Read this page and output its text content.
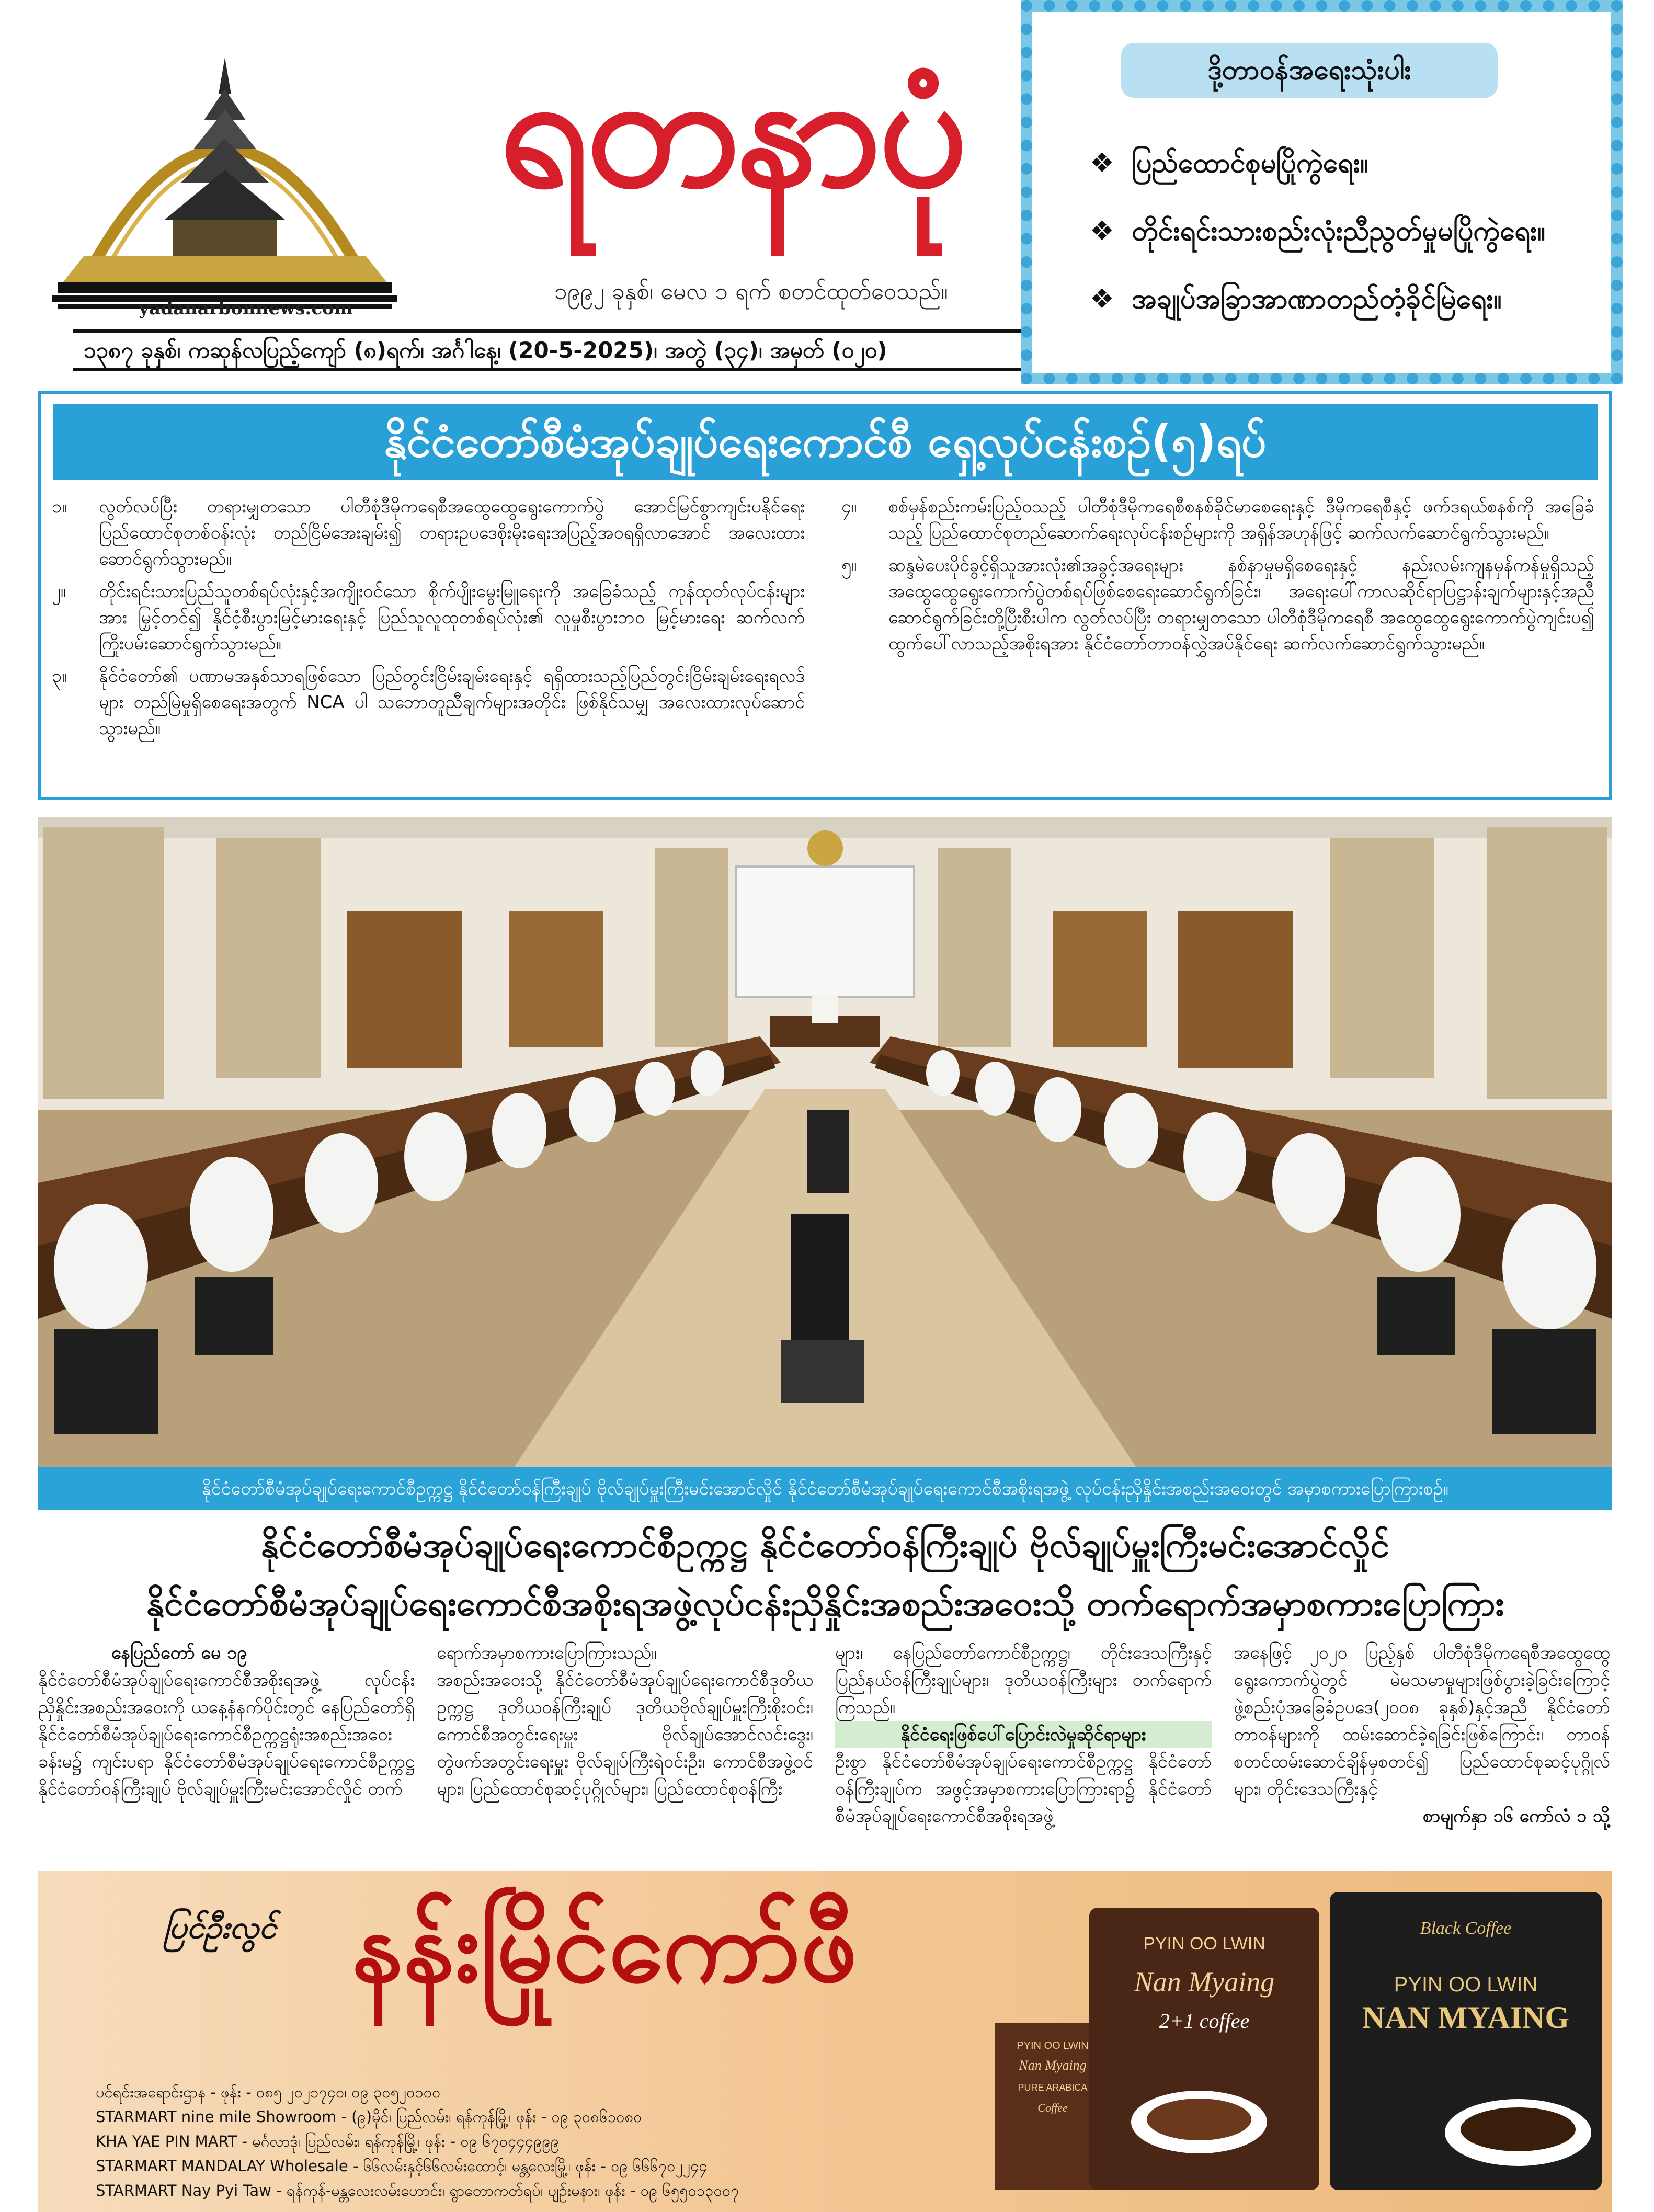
yadanarbonnews.com
ရတနာပုံ
၁၉၉၂ ခုနှစ်၊ မေလ ၁ ရက် စတင်ထုတ်ဝေသည်။
၁၃၈၇ ခုနှစ်၊ ကဆုန်လပြည့်ကျော် (၈)ရက်၊ အင်္ဂါနေ့၊ (20-5-2025)၊ အတွဲ (၃၄)၊ အမှတ် (၀၂၀)
ဒို့တာဝန်အရေးသုံးပါး
❖ ပြည်ထောင်စုမပြိုကွဲရေး။
❖ တိုင်းရင်းသားစည်းလုံးညီညွတ်မှုမပြိုကွဲရေး။
❖ အချုပ်အခြာအာဏာတည်တံ့ခိုင်မြဲရေး။
နိုင်ငံတော်စီမံအုပ်ချုပ်ရေးကောင်စီ ရှေ့လုပ်ငန်းစဉ်(၅)ရပ်
၁။	လွတ်လပ်ပြီး တရားမျှတသော ပါတီစုံဒီမိုကရေစီအထွေထွေရွေးကောက်ပွဲ အောင်မြင်စွာကျင်းပနိုင်ရေး ပြည်ထောင်စုတစ်ဝန်းလုံး တည်ငြိမ်အေးချမ်း၍ တရားဥပဒေစိုးမိုးရေးအပြည့်အဝရရှိလာအောင် အလေးထားဆောင်ရွက်သွားမည်။
၂။	တိုင်းရင်းသားပြည်သူတစ်ရပ်လုံးနှင့်အကျိုးဝင်သော စိုက်ပျိုးမွေးမြူရေးကို အခြေခံသည့် ကုန်ထုတ်လုပ်ငန်းများအား မြှင့်တင်၍ နိုင်ငံ့စီးပွားမြင့်မားရေးနှင့် ပြည်သူလူထုတစ်ရပ်လုံး၏ လူမှုစီးပွားဘဝ မြင့်မားရေး ဆက်လက်ကြိုးပမ်းဆောင်ရွက်သွားမည်။
၃။	နိုင်ငံတော်၏ ပဏာမအနှစ်သာရဖြစ်သော ပြည်တွင်းငြိမ်းချမ်းရေးနှင့် ရရှိထားသည့်ပြည်တွင်းငြိမ်းချမ်းရေးရလဒ်များ တည်မြဲမှုရှိစေရေးအတွက် NCA ပါ သဘောတူညီချက်များအတိုင်း ဖြစ်နိုင်သမျှ အလေးထားလုပ်ဆောင်သွားမည်။
၄။	စစ်မှန်စည်းကမ်းပြည့်ဝသည့် ပါတီစုံဒီမိုကရေစီစနစ်ခိုင်မာစေရေးနှင့် ဒီမိုကရေစီနှင့် ဖက်ဒရယ်စနစ်ကို အခြေခံသည့် ပြည်ထောင်စုတည်ဆောက်ရေးလုပ်ငန်းစဉ်များကို အရှိန်အဟုန်ဖြင့် ဆက်လက်ဆောင်ရွက်သွားမည်။
၅။	ဆန္ဒမဲပေးပိုင်ခွင့်ရှိသူအားလုံး၏အခွင့်အရေးများ နစ်နာမှုမရှိစေရေးနှင့် နည်းလမ်းကျနမှန်ကန်မှုရှိသည့် အထွေထွေရွေးကောက်ပွဲတစ်ရပ်ဖြစ်စေရေးဆောင်ရွက်ခြင်း၊ အရေးပေါ်ကာလဆိုင်ရာပြဋ္ဌာန်းချက်များနှင့်အညီ ဆောင်ရွက်ခြင်းတို့ပြီးစီးပါက လွတ်လပ်ပြီး တရားမျှတသော ပါတီစုံဒီမိုကရေစီ အထွေထွေရွေးကောက်ပွဲကျင်းပ၍ ထွက်ပေါ်လာသည့်အစိုးရအား နိုင်ငံတော်တာဝန်လွှဲအပ်နိုင်ရေး ဆက်လက်ဆောင်ရွက်သွားမည်။
နိုင်ငံတော်စီမံအုပ်ချုပ်ရေးကောင်စီဥက္ကဋ္ဌ နိုင်ငံတော်ဝန်ကြီးချုပ် ဗိုလ်ချုပ်မှူးကြီးမင်းအောင်လှိုင် နိုင်ငံတော်စီမံအုပ်ချုပ်ရေးကောင်စီအစိုးရအဖွဲ့ လုပ်ငန်းညှိနှိုင်းအစည်းအဝေးတွင် အမှာစကားပြောကြားစဉ်။
နိုင်ငံတော်စီမံအုပ်ချုပ်ရေးကောင်စီဥက္ကဋ္ဌ နိုင်ငံတော်ဝန်ကြီးချုပ် ဗိုလ်ချုပ်မှူးကြီးမင်းအောင်လှိုင်
နိုင်ငံတော်စီမံအုပ်ချုပ်ရေးကောင်စီအစိုးရအဖွဲ့လုပ်ငန်းညှိနှိုင်းအစည်းအဝေးသို့ တက်ရောက်အမှာစကားပြောကြား
နေပြည်တော် မေ ၁၉
နိုင်ငံတော်စီမံအုပ်ချုပ်ရေးကောင်စီအစိုးရအဖွဲ့ လုပ်ငန်းညှိနှိုင်းအစည်းအဝေးကို ယနေ့နံနက်ပိုင်းတွင် နေပြည်တော်ရှိ နိုင်ငံတော်စီမံအုပ်ချုပ်ရေးကောင်စီဥက္ကဋ္ဌရုံးအစည်းအဝေးခန်းမ၌ ကျင်းပရာ နိုင်ငံတော်စီမံအုပ်ချုပ်ရေးကောင်စီဥက္ကဋ္ဌ နိုင်ငံတော်ဝန်ကြီးချုပ် ဗိုလ်ချုပ်မှူးကြီးမင်းအောင်လှိုင် တက်
ရောက်အမှာစကားပြောကြားသည်။
အစည်းအဝေးသို့ နိုင်ငံတော်စီမံအုပ်ချုပ်ရေးကောင်စီဒုတိယဥက္ကဋ္ဌ ဒုတိယဝန်ကြီးချုပ် ဒုတိယဗိုလ်ချုပ်မှူးကြီးစိုးဝင်း၊ ကောင်စီအတွင်းရေးမှူး ဗိုလ်ချုပ်အောင်လင်းဒွေး၊ တွဲဖက်အတွင်းရေးမှူး ဗိုလ်ချုပ်ကြီးရဲဝင်းဦး၊ ကောင်စီအဖွဲ့ဝင်များ၊ ပြည်ထောင်စုဆင့်ပုဂ္ဂိုလ်များ၊ ပြည်ထောင်စုဝန်ကြီး
များ၊ နေပြည်တော်ကောင်စီဥက္ကဋ္ဌ၊ တိုင်းဒေသကြီးနှင့် ပြည်နယ်ဝန်ကြီးချုပ်များ၊ ဒုတိယဝန်ကြီးများ တက်ရောက်ကြသည်။
နိုင်ငံရေးဖြစ်ပေါ်ပြောင်းလဲမှုဆိုင်ရာများ
ဦးစွာ နိုင်ငံတော်စီမံအုပ်ချုပ်ရေးကောင်စီဥက္ကဋ္ဌ နိုင်ငံတော်ဝန်ကြီးချုပ်က အဖွင့်အမှာစကားပြောကြားရာ၌ နိုင်ငံတော်စီမံအုပ်ချုပ်ရေးကောင်စီအစိုးရအဖွဲ့
အနေဖြင့် ၂၀၂၀ ပြည့်နှစ် ပါတီစုံဒီမိုကရေစီအထွေထွေ ရွေးကောက်ပွဲတွင် မဲမသမာမှုများဖြစ်ပွားခဲ့ခြင်းကြောင့် ဖွဲ့စည်းပုံအခြေခံဥပဒေ(၂၀၀၈ ခုနှစ်)နှင့်အညီ နိုင်ငံတော်တာဝန်များကို ထမ်းဆောင်ခဲ့ရခြင်းဖြစ်ကြောင်း၊ တာဝန်စတင်ထမ်းဆောင်ချိန်မှစတင်၍ ပြည်ထောင်စုဆင့်ပုဂ္ဂိုလ်များ၊ တိုင်းဒေသကြီးနှင့်
စာမျက်နှာ ၁၆ ကော်လံ ၁ သို့
ပြင်ဦးလွင် နန်းမြိုင်ကော်ဖီ
ပင်ရင်းအရောင်းဌာန - ဖုန်း - ၀၈၅ ၂၀၂၁၇၄၀၊ ၀၉ ၃၀၅၂၀၁၀၀
STARMART nine mile Showroom - (၉)မိုင်၊ ပြည်လမ်း၊ ရန်ကုန်မြို့၊ ဖုန်း - ၀၉ ၃၀၈၆၁၀၈၀
KHA YAE PIN MART - မင်္ဂလာဒုံ၊ ပြည်လမ်း၊ ရန်ကုန်မြို့၊ ဖုန်း - ၀၉ ၆၇၀၄၄၄၉၉၉
STARMART MANDALAY Wholesale - ၆၆လမ်းနှင့်၆၆လမ်းထောင့်၊ မန္တလေးမြို့၊ ဖုန်း - ၀၉ ၆၆၆၇၀၂၂၄၄
STARMART Nay Pyi Taw - ရန်ကုန်-မန္တလေးလမ်းဟောင်း၊ ရွာတောကတ်ရပ်၊ ပျဉ်းမနား၊ ဖုန်း - ၀၉ ၆၅၅၀၁၃၀၀၇
PYIN OO LWIN
Nan Myaing
PURE ARABICA
Coffee
PYIN OO LWIN
Nan Myaing
2+1 coffee
Black Coffee
PYIN OO LWIN
NAN MYAING
